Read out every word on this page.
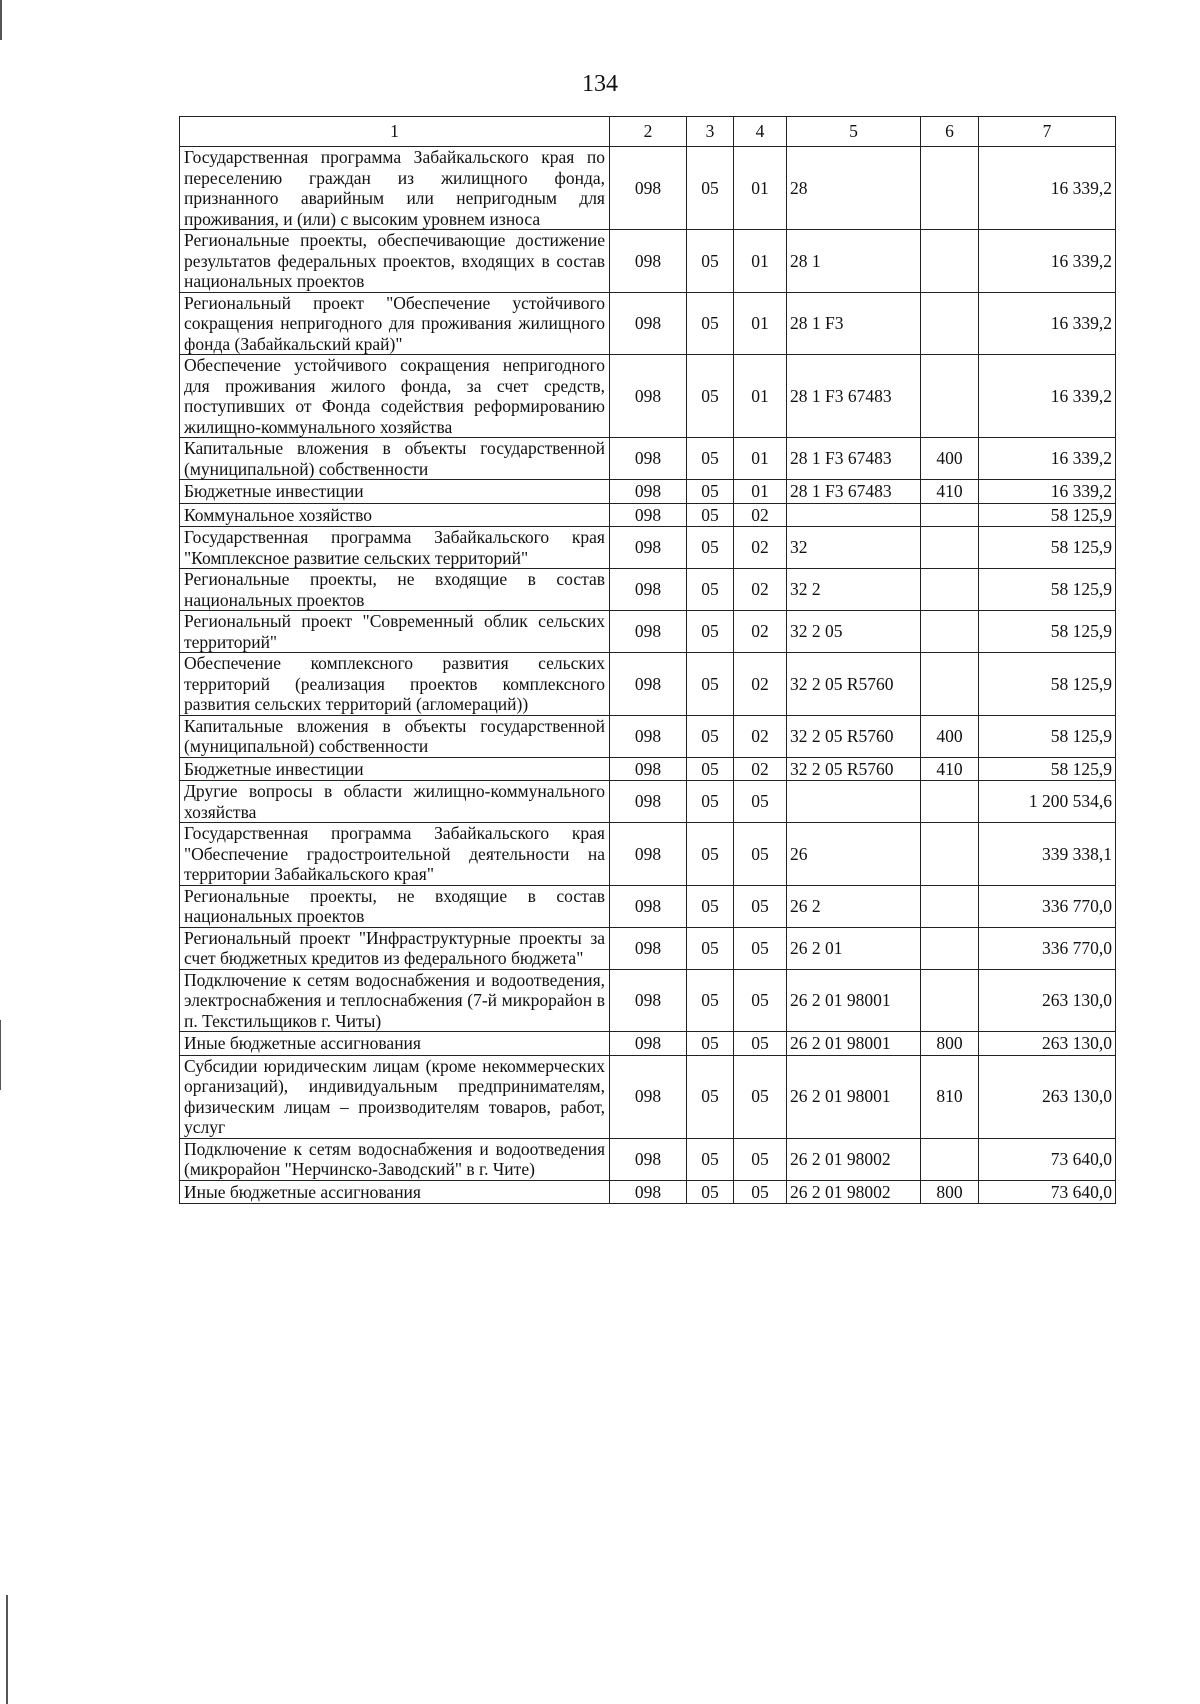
134
1	2	3	4	5	6	7
Государственная программа Забайкальского края по переселению граждан из жилищного фонда, признанного аварийным или непригодным для проживания, и (или) с высоким уровнем износа	098	05	01	28		16 339,2
Региональные проекты, обеспечивающие достижение результатов федеральных проектов, входящих в состав национальных проектов	098	05	01	28 1		16 339,2
Региональный проект "Обеспечение устойчивого сокращения непригодного для проживания жилищного фонда (Забайкальский край)"	098	05	01	28 1 F3		16 339,2
Обеспечение устойчивого сокращения непригодного для проживания жилого фонда, за счет средств, поступивших от Фонда содействия реформированию жилищно-коммунального хозяйства	098	05	01	28 1 F3 67483		16 339,2
Капитальные вложения в объекты государственной (муниципальной) собственности	098	05	01	28 1 F3 67483	400	16 339,2
Бюджетные инвестиции	098	05	01	28 1 F3 67483	410	16 339,2
Коммунальное хозяйство	098	05	02			58 125,9
Государственная программа Забайкальского края "Комплексное развитие сельских территорий"	098	05	02	32		58 125,9
Региональные проекты, не входящие в состав национальных проектов	098	05	02	32 2		58 125,9
Региональный проект "Современный облик сельских территорий"	098	05	02	32 2 05		58 125,9
Обеспечение комплексного развития сельских территорий (реализация проектов комплексного развития сельских территорий (агломераций))	098	05	02	32 2 05 R5760		58 125,9
Капитальные вложения в объекты государственной (муниципальной) собственности	098	05	02	32 2 05 R5760	400	58 125,9
Бюджетные инвестиции	098	05	02	32 2 05 R5760	410	58 125,9
Другие вопросы в области жилищно-коммунального хозяйства	098	05	05			1 200 534,6
Государственная программа Забайкальского края "Обеспечение градостроительной деятельности на территории Забайкальского края"	098	05	05	26		339 338,1
Региональные проекты, не входящие в состав национальных проектов	098	05	05	26 2		336 770,0
Региональный проект "Инфраструктурные проекты за счет бюджетных кредитов из федерального бюджета"	098	05	05	26 2 01		336 770,0
Подключение к сетям водоснабжения и водоотведения, электроснабжения и теплоснабжения (7-й микрорайон в п. Текстильщиков г. Читы)	098	05	05	26 2 01 98001		263 130,0
Иные бюджетные ассигнования	098	05	05	26 2 01 98001	800	263 130,0
Субсидии юридическим лицам (кроме некоммерческих организаций), индивидуальным предпринимателям, физическим лицам – производителям товаров, работ, услуг	098	05	05	26 2 01 98001	810	263 130,0
Подключение к сетям водоснабжения и водоотведения (микрорайон "Нерчинско-Заводский" в г. Чите)	098	05	05	26 2 01 98002		73 640,0
Иные бюджетные ассигнования	098	05	05	26 2 01 98002	800	73 640,0
